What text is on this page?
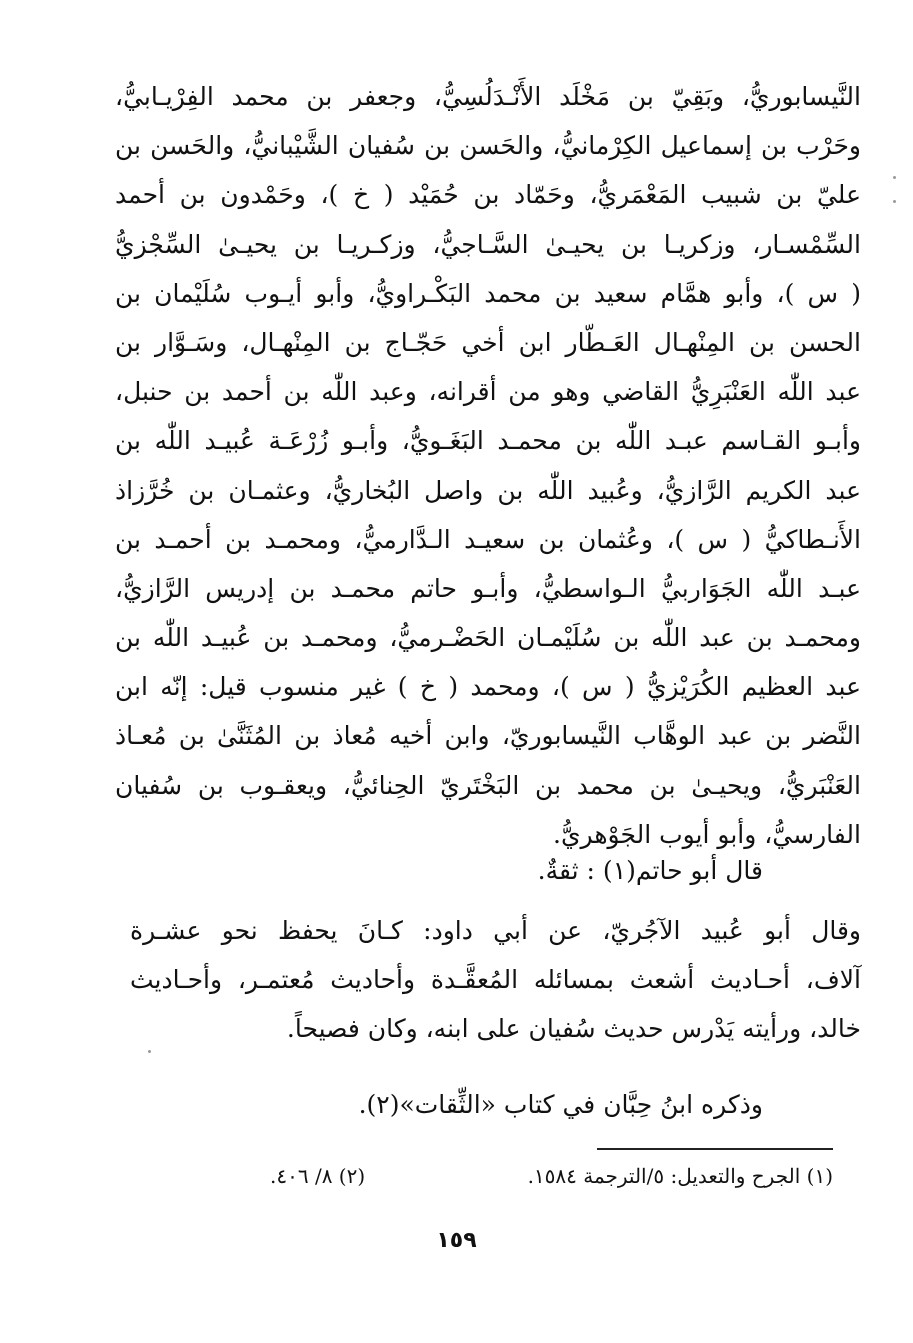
النَّيسابوريُّ، وبَقِيّ بن مَخْلَد الأَنْـدَلُسِيُّ، وجعفر بن محمد الفِرْيـابيُّ،
وحَرْب بن إسماعيل الكِرْمانيُّ، والحَسن بن سُفيان الشَّيْبانيُّ، والحَسن بن
عليّ بن شبيب المَعْمَريُّ، وحَمّاد بن حُمَيْد ( خ )، وحَمْدون بن أحمد
السِّمْسـار، وزكريـا بن يحيـىٰ السَّـاجيُّ، وزكـريـا بن يحيـىٰ السِّجْزيُّ
( س )، وأبو همَّام سعيد بن محمد البَكْـراويُّ، وأبو أيـوب سُلَيْمان بن
الحسن بن المِنْهـال العَـطّار ابن أخي حَجّـاج بن المِنْهـال، وسَـوَّار بن
عبد اللّٰه العَنْبَرِيُّ القاضي وهو من أقرانه، وعبد اللّٰه بن أحمد بن حنبل،
وأبـو القـاسم عبـد اللّٰه بن محمـد البَغَـويُّ، وأبـو زُرْعَـة عُبيـد اللّٰه بن
عبد الكريم الرَّازيُّ، وعُبيد اللّٰه بن واصل البُخاريُّ، وعثمـان بن خُرَّزاذ
الأَنـطاكيُّ ( س )، وعُثمان بن سعيـد الـدَّارميُّ، ومحمـد بن أحمـد بن
عبـد اللّٰه الجَوَاربيُّ الـواسطيُّ، وأبـو حاتم محمـد بن إدريس الرَّازيُّ،
ومحمـد بن عبد اللّٰه بن سُلَيْمـان الحَضْـرميُّ، ومحمـد بن عُبيـد اللّٰه بن
عبد العظيم الكُرَيْزيُّ ( س )، ومحمد ( خ ) غير منسوب قيل: إنّه ابن
النَّضر بن عبد الوهَّاب النَّيسابوريّ، وابن أخيه مُعاذ بن المُثَنَّىٰ بن مُعـاذ
العَنْبَريُّ، ويحيـىٰ بن محمد بن البَخْتَريّ الحِنائيُّ، ويعقـوب بن سُفيان
الفارسيُّ، وأبو أيوب الجَوْهريُّ.
قال أبو حاتم(١) : ثقةٌ.
وقال أبو عُبيد الآجُريّ، عن أبي داود: كـانَ يحفظ نحو عشـرة
آلاف، أحـاديث أشعث بمسائله المُعقَّـدة وأحاديث مُعتمـر، وأحـاديث
خالد، ورأيته يَدْرس حديث سُفيان على ابنه، وكان فصيحاً.
وذكره ابنُ حِبَّان في كتاب «الثِّقات»(٢).
(١) الجرح والتعديل: ٥/الترجمة ١٥٨٤.
(٢) ٨/ ٤٠٦.
١٥٩
